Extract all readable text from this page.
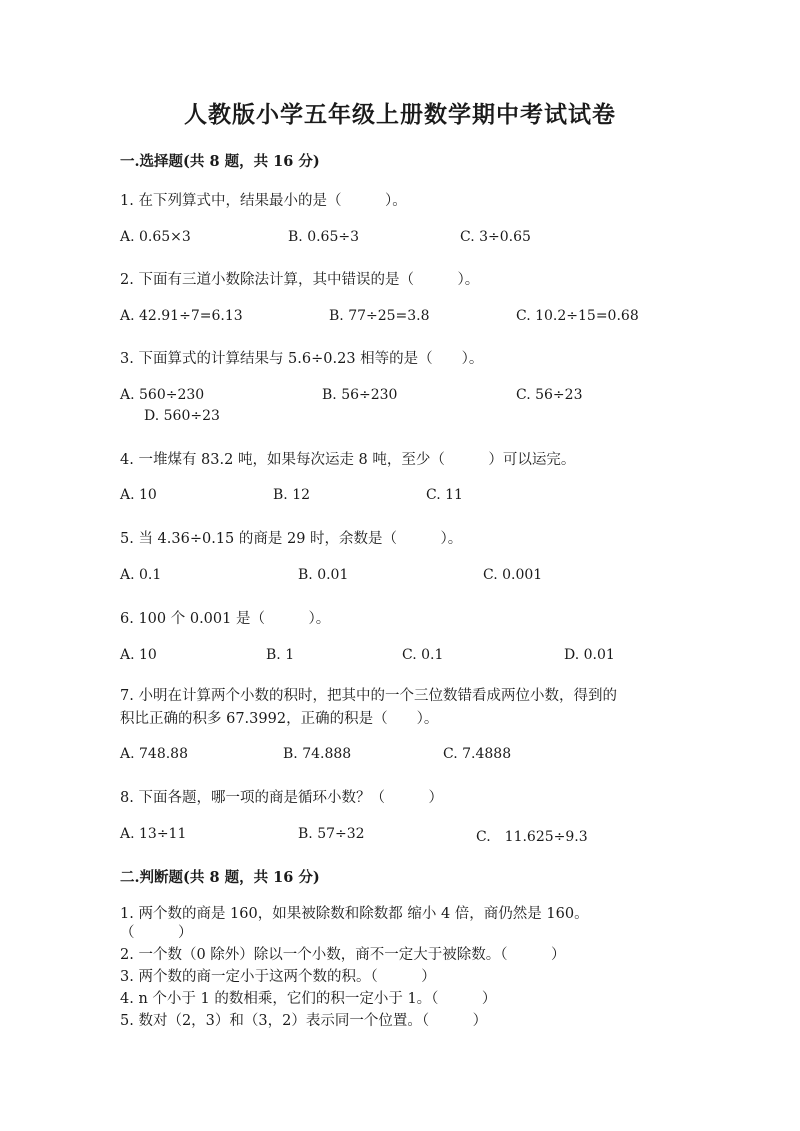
人教版小学五年级上册数学期中考试试卷
一.选择题(共 8 题，共 16 分)
1. 在下列算式中，结果最小的是（　　　）。
A. 0.65×3	B. 0.65÷3	C. 3÷0.65
2. 下面有三道小数除法计算，其中错误的是（　　　）。
A. 42.91÷7=6.13	B. 77÷25=3.8	C. 10.2÷15=0.68
3. 下面算式的计算结果与 5.6÷0.23 相等的是（　　）。
A. 560÷230	B. 56÷230	C. 56÷23
D. 560÷23
4. 一堆煤有 83.2 吨，如果每次运走 8 吨，至少（　　　）可以运完。
A. 10	B. 12	C. 11
5. 当 4.36÷0.15 的商是 29 时，余数是（　　　）。
A. 0.1	B. 0.01	C. 0.001
6. 100 个 0.001 是（　　　）。
A. 10	B. 1	C. 0.1	D. 0.01
7. 小明在计算两个小数的积时，把其中的一个三位数错看成两位小数，得到的
积比正确的积多 67.3992，正确的积是（　　）。
A. 748.88	B. 74.888	C. 7.4888
8. 下面各题，哪一项的商是循环小数？（　　　）
A. 13÷11	B. 57÷32	C.　11.625÷9.3
二.判断题(共 8 题，共 16 分)
1. 两个数的商是 160，如果被除数和除数都 缩小 4 倍，商仍然是 160。
（　　　）
2. 一个数（0 除外）除以一个小数，商不一定大于被除数。（　　　）
3. 两个数的商一定小于这两个数的积。（　　　）
4. n 个小于 1 的数相乘，它们的积一定小于 1。（　　　）
5. 数对（2，3）和（3，2）表示同一个位置。（　　　）
